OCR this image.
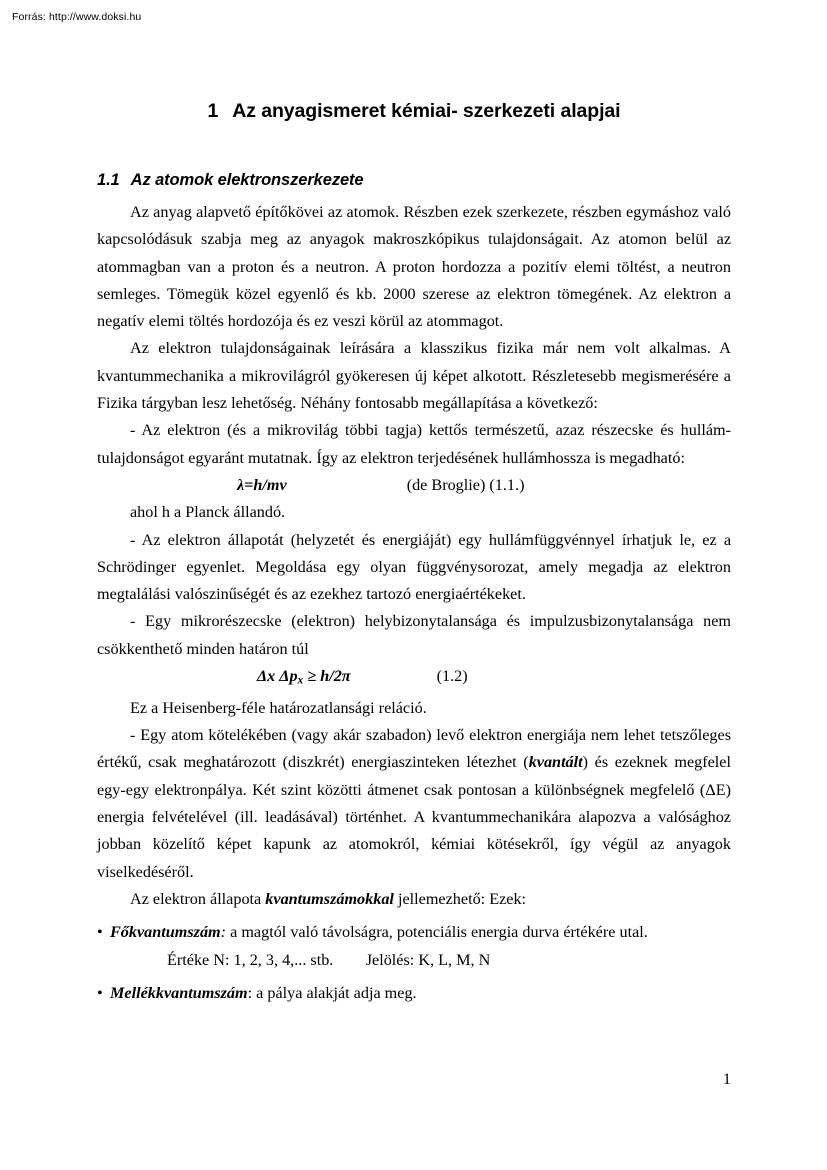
Forrás: http://www.doksi.hu
1 Az anyagismeret kémiai- szerkezeti alapjai
1.1 Az atomok elektronszerkezete

Az anyag alapvető építőkövei az atomok. Részben ezek szerkezete, részben egymáshoz való kapcsolódásuk szabja meg az anyagok makroszkópikus tulajdonságait. Az atomon belül az atommagban van a proton és a neutron. A proton hordozza a pozitív elemi töltést, a neutron semleges. Tömegük közel egyenlő és kb. 2000 szerese az elektron tömegének. Az elektron a negatív elemi töltés hordozója és ez veszi körül az atommagot.

Az elektron tulajdonságainak leírására a klasszikus fizika már nem volt alkalmas. A kvantummechanika a mikrovilágról gyökeresen új képet alkotott. Részletesebb megismerésére a Fizika tárgyban lesz lehetőség. Néhány fontosabb megállapítása a következő:

- Az elektron (és a mikrovilág többi tagja) kettős természetű, azaz részecske és hullám-tulajdonságot egyaránt mutatnak. Így az elektron terjedésének hullámhossza is megadható:

λ=h/mv	(de Broglie) (1.1.)

ahol h a Planck állandó.

- Az elektron állapotát (helyzetét és energiáját) egy hullámfüggvénnyel írhatjuk le, ez a Schrödinger egyenlet. Megoldása egy olyan függvénysorozat, amely megadja az elektron megtalálási valószinűségét és az ezekhez tartozó energiaértékeket.

- Egy mikrorészecske (elektron) helybizonytalansága és impulzusbizonytalansága nem csökkenthető minden határon túl

Δx $\Delta p_x \ge h/2\pi$	(1.2)

Ez a Heisenberg-féle határozatlansági reláció.

- Egy atom kötelékében (vagy akár szabadon) levő elektron energiája nem lehet tetszőleges értékű, csak meghatározott (diszkrét) energiaszinteken létezhet (kvantált) és ezeknek megfelel egy-egy elektronpálya. Két szint közötti átmenet csak pontosan a különbségnek megfelelő (ΔE) energia felvételével (ill. leadásával) történhet. A kvantummechanikára alapozva a valósághoz jobban közelítő képet kapunk az atomokról, kémiai kötésekről, így végül az anyagok viselkedéséről.

Az elektron állapota kvantumszámokkal jellemezhető: Ezek:

• Főkvantumszám: a magtól való távolságra, potenciális energia durva értékére utal.

Értéke N: 1, 2, 3, 4,... stb.        Jelölés: K, L, M, N

• Mellékkvantumszám: a pálya alakját adja meg.

1
